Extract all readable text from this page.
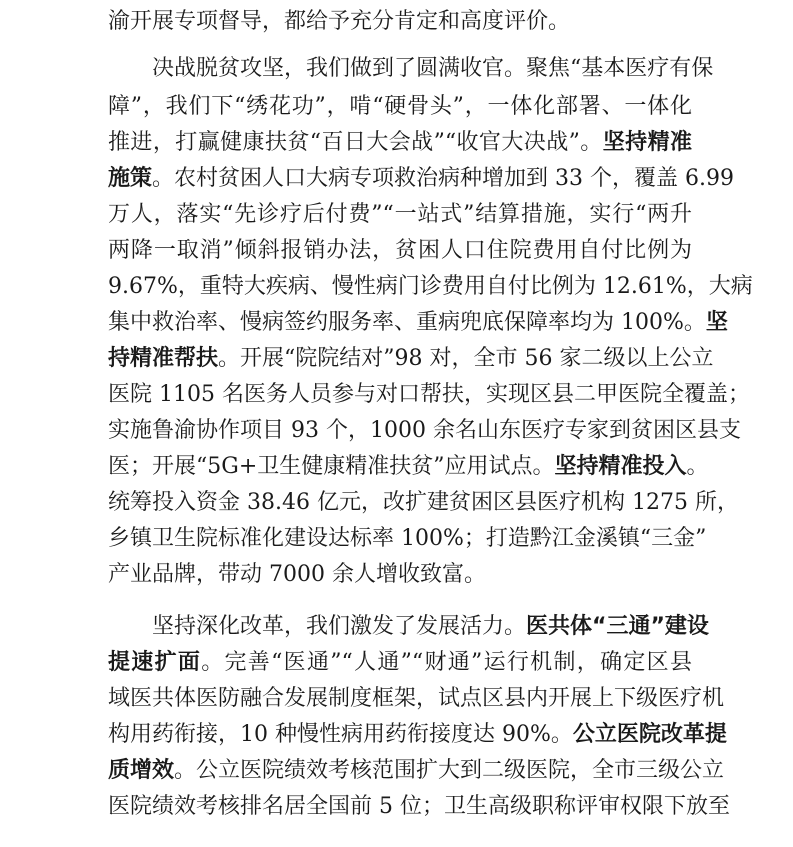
渝开展专项督导，都给予充分肯定和高度评价。
决战脱贫攻坚，我们做到了圆满收官。聚焦“基本医疗有保
障”，我们下“绣花功”，啃“硬骨头”，一体化部署、一体化
推进，打赢健康扶贫“百日大会战”“收官大决战”。坚持精准
施策。农村贫困人口大病专项救治病种增加到 33 个，覆盖 6.99
万人，落实“先诊疗后付费”“一站式”结算措施，实行“两升
两降一取消”倾斜报销办法，贫困人口住院费用自付比例为
9.67%，重特大疾病、慢性病门诊费用自付比例为 12.61%，大病
集中救治率、慢病签约服务率、重病兜底保障率均为 100%。坚
持精准帮扶。开展“院院结对”98 对，全市 56 家二级以上公立
医院 1105 名医务人员参与对口帮扶，实现区县二甲医院全覆盖；
实施鲁渝协作项目 93 个，1000 余名山东医疗专家到贫困区县支
医；开展“5G+卫生健康精准扶贫”应用试点。坚持精准投入。
统筹投入资金 38.46 亿元，改扩建贫困区县医疗机构 1275 所，
乡镇卫生院标准化建设达标率 100%；打造黔江金溪镇“三金”
产业品牌，带动 7000 余人增收致富。
坚持深化改革，我们激发了发展活力。医共体“三通”建设
提速扩面。完善“医通”“人通”“财通”运行机制，确定区县
域医共体医防融合发展制度框架，试点区县内开展上下级医疗机
构用药衔接，10 种慢性病用药衔接度达 90%。公立医院改革提
质增效。公立医院绩效考核范围扩大到二级医院，全市三级公立
医院绩效考核排名居全国前 5 位；卫生高级职称评审权限下放至
